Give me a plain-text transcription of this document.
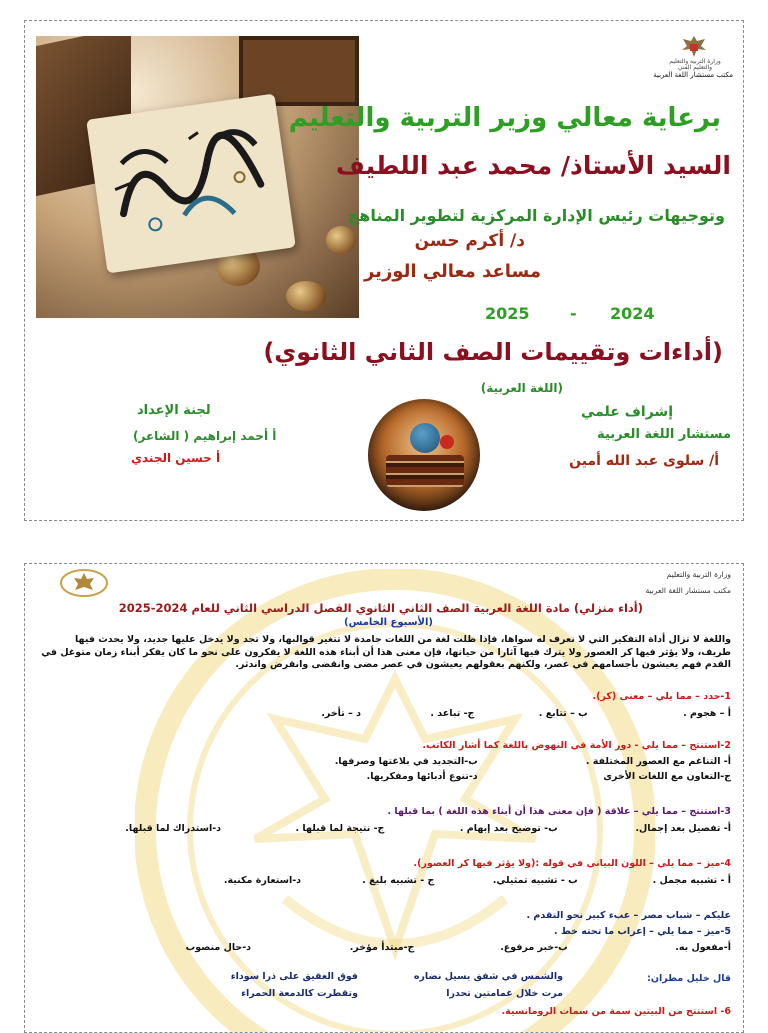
وزارة التربية والتعليم والتعليم الفني
مكتب مستشار اللغة العربية
برعاية معالي وزير التربية والتعليم
السيد الأستاذ/ محمد عبد اللطيف
وتوجيهات رئيس الإدارة المركزية لتطوير المناهج
د/ أكرم حسن
مساعد معالي الوزير
2025	- 2024
(أداءات وتقييمات الصف الثاني الثانوي)
(اللغة العربية)
إشراف علمي
مستشار اللغة العربية
أ/ سلوى عبد الله أمين
لجنة الإعداد
أ أحمد إبراهيم ( الشاعر)
أ حسين الجندي
وزارة التربية والتعليم
مكتب مستشار اللغة العربية
(أداء منزلي) مادة اللغة العربية الصف الثاني الثانوي الفصل الدراسي الثاني للعام 2024-2025
(الأسبوع الخامس)
واللغة لا تزال أداة التفكير التي لا نعرف له سواها، فإذا ظلت لغة من اللغات جامدة لا تتغير قوالبها، ولا تجد ولا يدخل عليها جديد، ولا يحدث فيها طريف، ولا يؤثر فيها كر العصور ولا يترك فيها آثارا من حياتها، فإن معنى هذا أن أبناء هذه اللغة لا يفكرون على نحو ما كان يفكر أبناء زمان متوغل في القدم فهم يعيشون بأجسامهم في عصر، ولكنهم بعقولهم يعيشون في عصر مضى وانقضى وانقرض واندثر.
1-حدد – مما يلي – معنى (كر).
أ – هجوم . ب – تتابع . ج- تباعد . د – تأخر.
2-استنتج – مما يلي - دور الأمة في النهوض باللغة كما أشار الكاتب.
أ- التناغم مع العصور المختلفة . ب-التجديد في بلاغتها وصرفها.
ج-التعاون مع اللغات الأخرى د-تنوع أدبائها ومفكريها.
3-استنتج – مما يلي – علاقة ( فإن معنى هذا أن أبناء هذه اللغة ) بما قبلها .
أ- تفصيل بعد إجمال. ب- توضيح بعد إبهام . ج- نتيجة لما قبلها . د-استدراك لما قبلها.
4-ميز – مما يلي – اللون البياني في قوله :(ولا يؤثر فيها كر العصور).
أ - تشبيه مجمل . ب - تشبيه تمثيلي. ج - تشبيه بليغ . د-استعارة مكنية.
عليكم – شباب مصر – عبء كبير نحو التقدم .
5-ميز – مما يلي – إعراب ما تحته خط .
أ-مفعول به. ب-خبر مرفوع. ج-مبتدأ مؤخر. د-حال منصوب
قال خليل مطران:
والشمس في شفق يسيل نضاره
فوق العقيق على ذرا سوداء
مرت خلال غمامتين تحدرا
وتقطرت كالدمعة الحمراء
6- استنتج من البيتين سمة من سمات الرومانسية.
